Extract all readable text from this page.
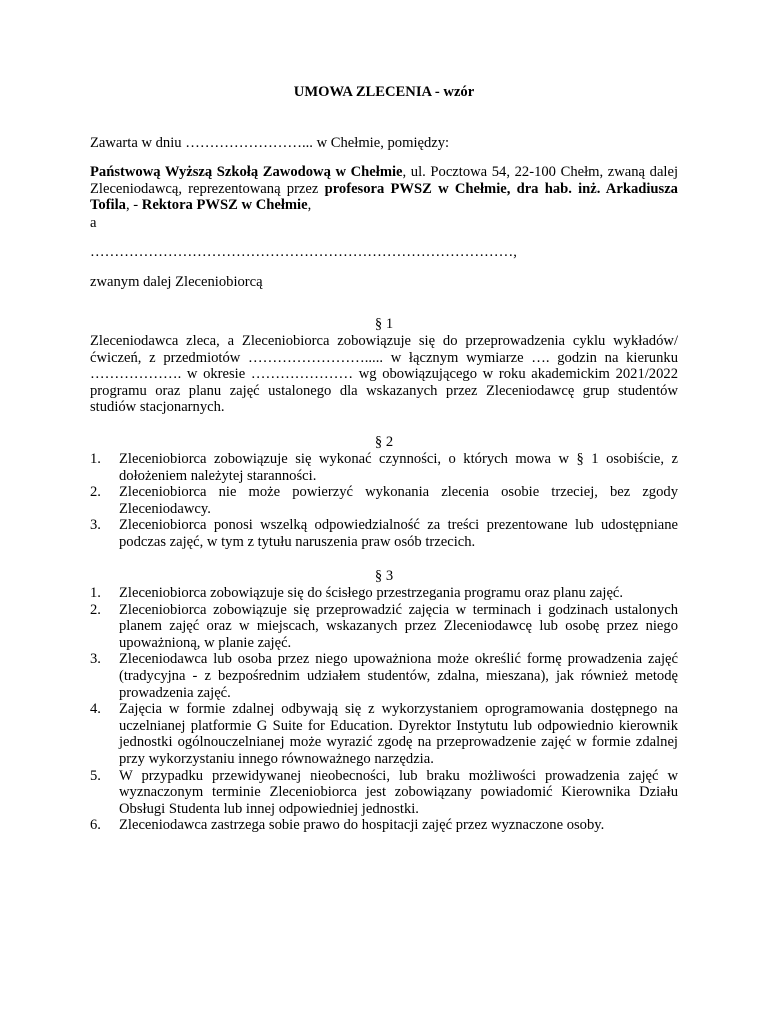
UMOWA ZLECENIA - wzór
Zawarta w dniu ……………………... w Chełmie, pomiędzy:
Państwową Wyższą Szkołą Zawodową w Chełmie, ul. Pocztowa 54, 22-100 Chełm, zwaną dalej Zleceniodawcą, reprezentowaną przez profesora PWSZ w Chełmie, dra hab. inż. Arkadiusza Tofila, - Rektora PWSZ w Chełmie,
a
……………………………………………………………………………,
zwanym dalej Zleceniobiorcą
§ 1
Zleceniodawca zleca, a Zleceniobiorca zobowiązuje się do przeprowadzenia cyklu wykładów/ćwiczeń, z przedmiotów ……………………..... w łącznym wymiarze …. godzin na kierunku ………………. w okresie ………………… wg obowiązującego w roku akademickim 2021/2022 programu oraz planu zajęć ustalonego dla wskazanych przez Zleceniodawcę grup studentów studiów stacjonarnych.
§ 2
1. Zleceniobiorca zobowiązuje się wykonać czynności, o których mowa w § 1 osobiście, z dołożeniem należytej staranności.
2. Zleceniobiorca nie może powierzyć wykonania zlecenia osobie trzeciej, bez zgody Zleceniodawcy.
3. Zleceniobiorca ponosi wszelką odpowiedzialność za treści prezentowane lub udostępniane podczas zajęć, w tym z tytułu naruszenia praw osób trzecich.
§ 3
1. Zleceniobiorca zobowiązuje się do ścisłego przestrzegania programu oraz planu zajęć.
2. Zleceniobiorca zobowiązuje się przeprowadzić zajęcia w terminach i godzinach ustalonych planem zajęć oraz w miejscach, wskazanych przez Zleceniodawcę lub osobę przez niego upoważnioną, w planie zajęć.
3. Zleceniodawca lub osoba przez niego upoważniona może określić formę prowadzenia zajęć (tradycyjna - z bezpośrednim udziałem studentów, zdalna, mieszana), jak również metodę prowadzenia zajęć.
4. Zajęcia w formie zdalnej odbywają się z wykorzystaniem oprogramowania dostępnego na uczelnianej platformie G Suite for Education. Dyrektor Instytutu lub odpowiednio kierownik jednostki ogólnouczelnianej może wyrazić zgodę na przeprowadzenie zajęć w formie zdalnej przy wykorzystaniu innego równoważnego narzędzia.
5. W przypadku przewidywanej nieobecności, lub braku możliwości prowadzenia zajęć w wyznaczonym terminie Zleceniobiorca jest zobowiązany powiadomić Kierownika Działu Obsługi Studenta lub innej odpowiedniej jednostki.
6. Zleceniodawca zastrzega sobie prawo do hospitacji zajęć przez wyznaczone osoby.
